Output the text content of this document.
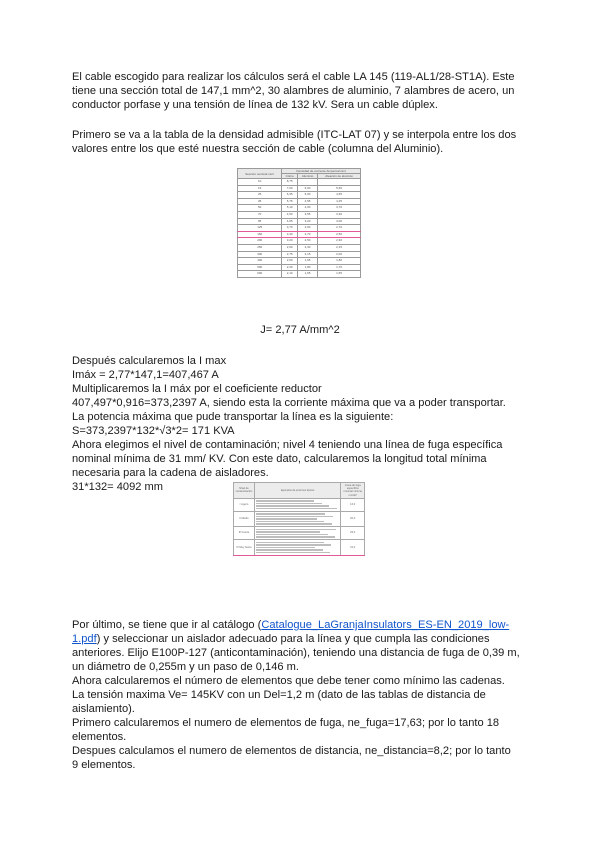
El cable escogido para realizar los cálculos será el cable LA 145 (119-AL1/28-ST1A). Este
tiene una sección total de 147,1 mm^2, 30 alambres de aluminio, 7 alambres de acero, un
conductor porfase y una tensión de línea de 132 kV. Sera un cable dúplex.
Primero se va a la tabla de la densidad admisible (ITC-LAT 07) y se interpola entre los dos
valores entre los que esté nuestra sección de cable (columna del Aluminio).
Sección nominal mm²	Densidad de corriente Amperios/mm²		
	Cobre	Aluminio	Aleación de aluminio
10	8,75		
15	7,60	6,00	5,60
25	6,35	5,00	4,65
35	5,75	4,55	4,25
50	5,10	4,00	3,70
70	4,50	3,55	3,30
95	4,05	3,20	3,00
125	3,70	2,90	2,70
160	3,40	2,70	2,50
200	3,20	2,50	2,30
250	2,90	2,30	2,15
300	2,75	2,15	2,00
400	2,50	1,95	1,80
500	2,30	1,80	1,70
600	2,10	1,65	1,55
J= 2,77 A/mm^2
Después calcularemos la I max
Imáx = 2,77*147,1=407,467 A
Multiplicaremos la I máx por el coeficiente reductor
407,497*0,916=373,2397 A, siendo esta la corriente máxima que va a poder transportar.
La potencia máxima que pude transportar la línea es la siguiente:
S=373,2397*132*√3*2= 171 KVA
Ahora elegimos el nivel de contaminación; nivel 4 teniendo una línea de fuga específica
nominal mínima de 31 mm/ KV. Con este dato, calcularemos la longitud total mínima
necesaria para la cadena de aisladores.
31*132= 4092 mm	Nivel de contaminación	Ejemplos de entornos típicos	Línea de fuga específica nominal mínima mm/kV
I Ligero		16,0
II Medio		20,0
III Fuerte		25,0
IV Muy fuerte		31,0
Por último, se tiene que ir al catálogo (Catalogue_LaGranjaInsulators_ES-EN_2019_low-
1.pdf) y seleccionar un aislador adecuado para la línea y que cumpla las condiciones
anteriores. Elijo E100P-127 (anticontaminación), teniendo una distancia de fuga de 0,39 m,
un diámetro de 0,255m y un paso de 0,146 m.
Ahora calcularemos el número de elementos que debe tener como mínimo las cadenas.
La tensión maxima Ve= 145KV con un Del=1,2 m (dato de las tablas de distancia de
aislamiento).
Primero calcularemos el numero de elementos de fuga, ne_fuga=17,63; por lo tanto 18
elementos.
Despues calculamos el numero de elementos de distancia, ne_distancia=8,2; por lo tanto
9 elementos.
